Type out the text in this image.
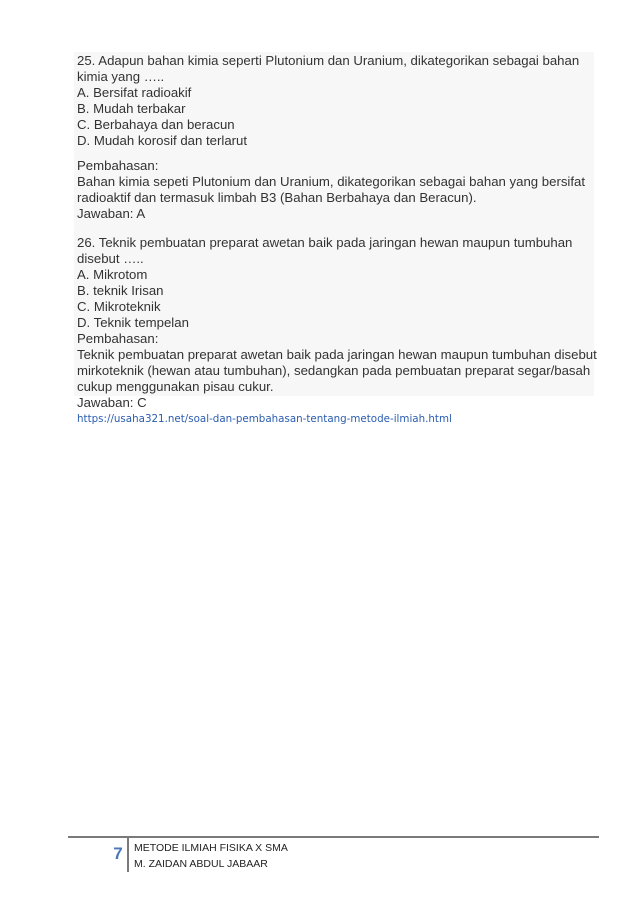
25. Adapun bahan kimia seperti Plutonium dan Uranium, dikategorikan sebagai bahan
kimia yang …..
A. Bersifat radioakif
B. Mudah terbakar
C. Berbahaya dan beracun
D. Mudah korosif dan terlarut
Pembahasan:
Bahan kimia sepeti Plutonium dan Uranium, dikategorikan sebagai bahan yang bersifat
radioaktif dan termasuk limbah B3 (Bahan Berbahaya dan Beracun).
Jawaban: A
26. Teknik pembuatan preparat awetan baik pada jaringan hewan maupun tumbuhan
disebut …..
A. Mikrotom
B. teknik Irisan
C. Mikroteknik
D. Teknik tempelan
Pembahasan:
Teknik pembuatan preparat awetan baik pada jaringan hewan maupun tumbuhan disebut
mirkoteknik (hewan atau tumbuhan), sedangkan pada pembuatan preparat segar/basah
cukup menggunakan pisau cukur.
Jawaban: C
https://usaha321.net/soal-dan-pembahasan-tentang-metode-ilmiah.html
7	METODE ILMIAH FISIKA X SMA
M. ZAIDAN ABDUL JABAAR
